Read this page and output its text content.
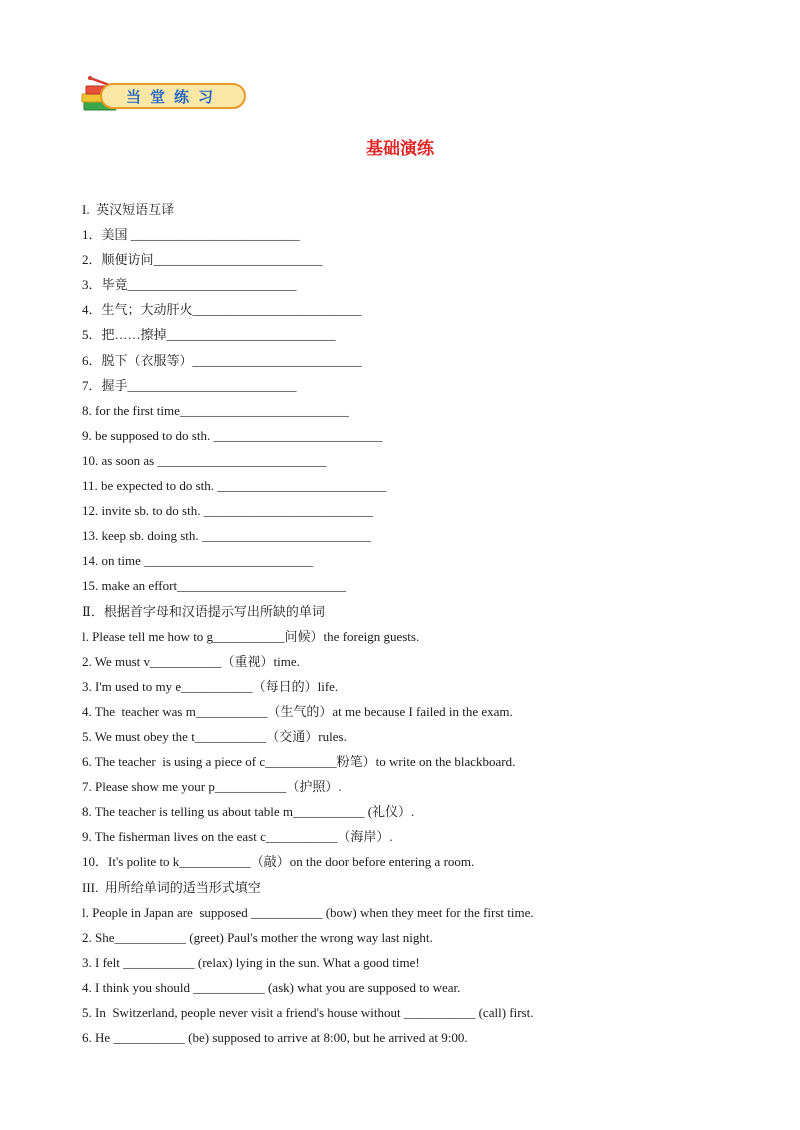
当堂练习
基础演练
I.  英汉短语互译
1．美国 __________________________
2．顺便访问__________________________
3．毕竟__________________________
4．生气；大动肝火__________________________
5．把……擦掉__________________________
6．脱下（衣服等）__________________________
7．握手__________________________
8. for the first time__________________________
9. be supposed to do sth. __________________________
10. as soon as __________________________
11. be expected to do sth. __________________________
12. invite sb. to do sth. __________________________
13. keep sb. doing sth. __________________________
14. on time __________________________
15. make an effort__________________________
Ⅱ．根据首字母和汉语提示写出所缺的单词
l. Please tell me how to g___________问候）the foreign guests.
2. We must v___________（重视）time.
3. I'm used to my e___________（每日的）life.
4. The  teacher was m___________（生气的）at me because I failed in the exam.
5. We must obey the t___________（交通）rules.
6. The teacher  is using a piece of c___________粉笔）to write on the blackboard.
7. Please show me your p___________（护照）.
8. The teacher is telling us about table m___________ (礼仪）.
9. The fisherman lives on the east c___________（海岸）.
10．It's polite to k___________（敲）on the door before entering a room.
III.  用所给单词的适当形式填空
l. People in Japan are  supposed ___________ (bow) when they meet for the first time.
2. She___________ (greet) Paul's mother the wrong way last night.
3. I felt ___________ (relax) lying in the sun. What a good time!
4. I think you should ___________ (ask) what you are supposed to wear.
5. In  Switzerland, people never visit a friend's house without ___________ (call) first.
6. He ___________ (be) supposed to arrive at 8:00, but he arrived at 9:00.
